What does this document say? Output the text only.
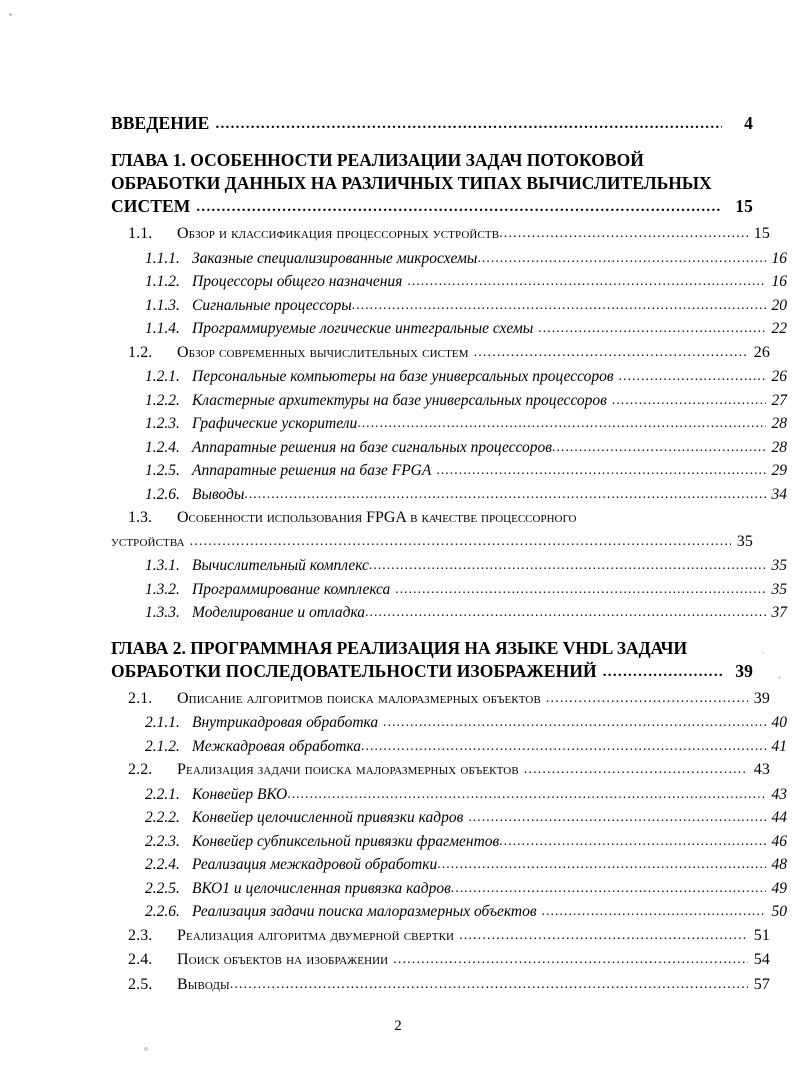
ВВЕДЕНИЕ .....	4
ГЛАВА 1. ОСОБЕННОСТИ РЕАЛИЗАЦИИ ЗАДАЧ ПОТОКОВОЙ
ОБРАБОТКИ ДАННЫХ НА РАЗЛИЧНЫХ ТИПАХ ВЫЧИСЛИТЕЛЬНЫХ
СИСТЕМ .....	15
1.1.	Обзор и классификация процессорных устройств .....	15
1.1.1. Заказные специализированные микросхемы .....	16
1.1.2. Процессоры общего назначения .....	16
1.1.3. Сигнальные процессоры .....	20
1.1.4. Программируемые логические интегральные схемы .....	22
1.2.	Обзор современных вычислительных систем .....	26
1.2.1. Персональные компьютеры на базе универсальных процессоров .....	26
1.2.2. Кластерные архитектуры на базе универсальных процессоров .....	27
1.2.3. Графические ускорители .....	28
1.2.4. Аппаратные решения на базе сигнальных процессоров .....	28
1.2.5. Аппаратные решения на базе FPGA .....	29
1.2.6. Выводы .....	34
1.3.	Особенности использования FPGA в качестве процессорного
устройства .....	35
1.3.1. Вычислительный комплекс .....	35
1.3.2. Программирование комплекса .....	35
1.3.3. Моделирование и отладка .....	37
ГЛАВА 2. ПРОГРАММНАЯ РЕАЛИЗАЦИЯ НА ЯЗЫКЕ VHDL ЗАДАЧИ
ОБРАБОТКИ ПОСЛЕДОВАТЕЛЬНОСТИ ИЗОБРАЖЕНИЙ .....	39
2.1.	Описание алгоритмов поиска малоразмерных объектов .....	39
2.1.1. Внутрикадровая обработка .....	40
2.1.2. Межкадровая обработка .....	41
2.2.	Реализация задачи поиска малоразмерных объектов .....	43
2.2.1. Конвейер ВКО .....	43
2.2.2. Конвейер целочисленной привязки кадров .....	44
2.2.3. Конвейер субпиксельной привязки фрагментов .....	46
2.2.4. Реализация межкадровой обработки .....	48
2.2.5. ВКО1 и целочисленная привязка кадров .....	49
2.2.6. Реализация задачи поиска малоразмерных объектов .....	50
2.3.	Реализация алгоритма двумерной свертки .....	51
2.4.	Поиск объектов на изображении .....	54
2.5.	Выводы .....	57
2
